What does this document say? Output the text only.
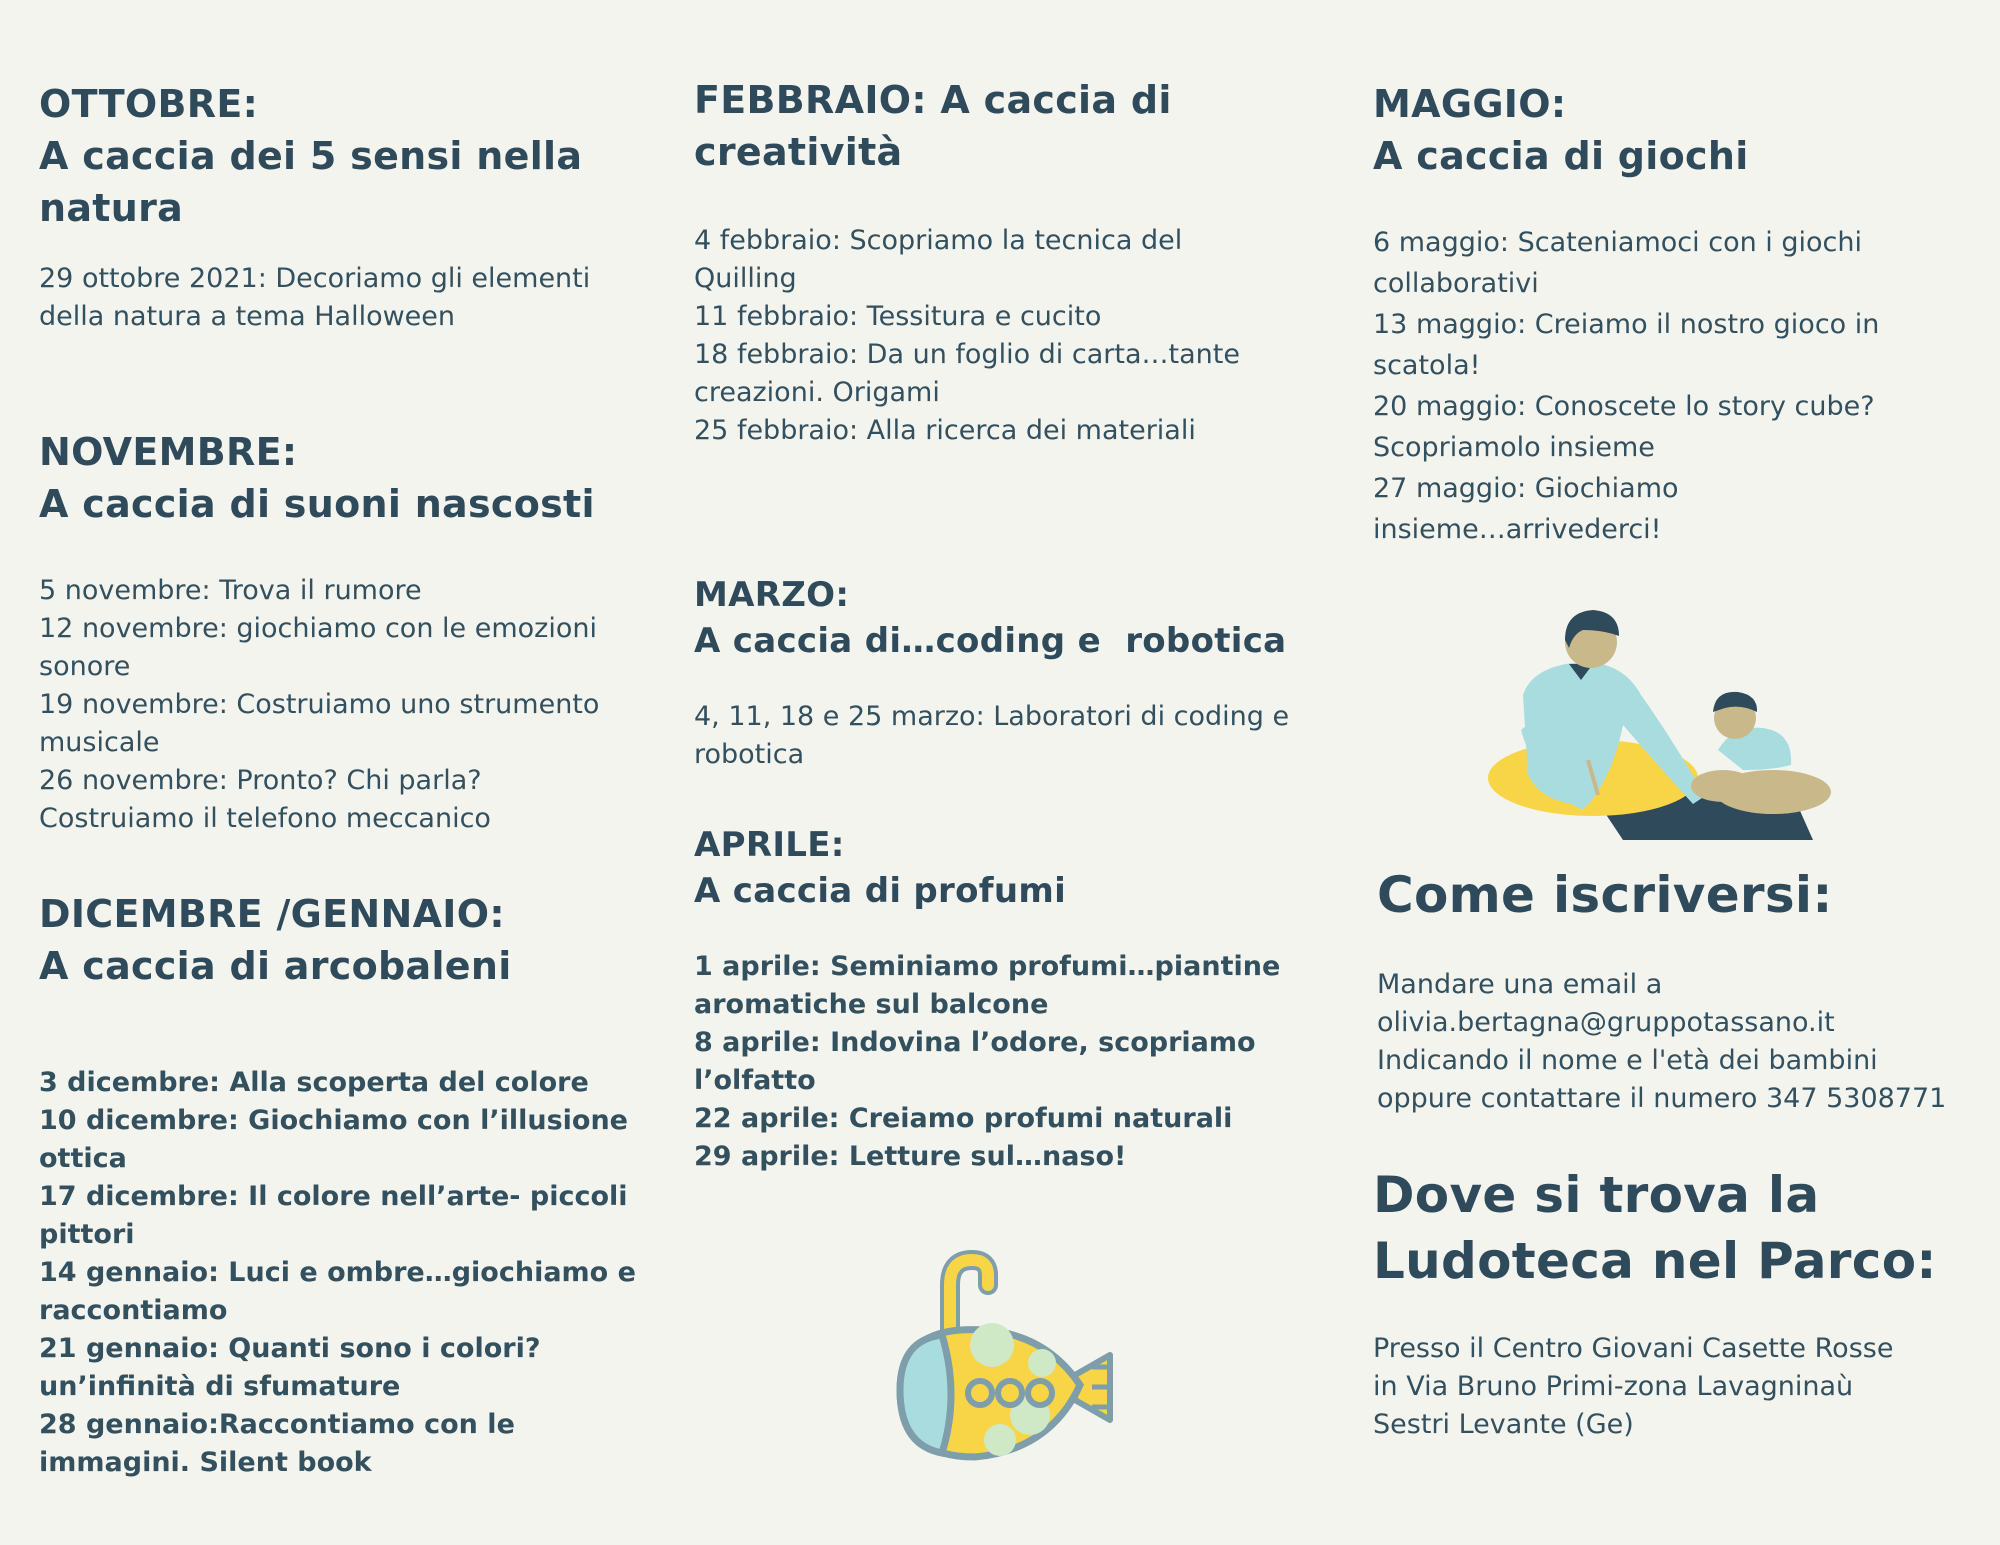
OTTOBRE:
A caccia dei 5 sensi nella
natura
29 ottobre 2021: Decoriamo gli elementi
della natura a tema Halloween
NOVEMBRE:
A caccia di suoni nascosti
5 novembre: Trova il rumore
12 novembre: giochiamo con le emozioni
sonore
19 novembre: Costruiamo uno strumento
musicale
26 novembre: Pronto? Chi parla?
Costruiamo il telefono meccanico
DICEMBRE /GENNAIO:
A caccia di arcobaleni
3 dicembre: Alla scoperta del colore
10 dicembre: Giochiamo con l’illusione
ottica
17 dicembre: Il colore nell’arte- piccoli
pittori
14 gennaio: Luci e ombre…giochiamo e
raccontiamo
21 gennaio: Quanti sono i colori?
un’infinità di sfumature
28 gennaio:Raccontiamo con le
immagini. Silent book
FEBBRAIO: A caccia di
creatività
4 febbraio: Scopriamo la tecnica del
Quilling
11 febbraio: Tessitura e cucito
18 febbraio: Da un foglio di carta…tante
creazioni. Origami
25 febbraio: Alla ricerca dei materiali
MARZO:
A caccia di…coding e  robotica
4, 11, 18 e 25 marzo: Laboratori di coding e
robotica
APRILE:
A caccia di profumi
1 aprile: Seminiamo profumi…piantine
aromatiche sul balcone
8 aprile: Indovina l’odore, scopriamo
l’olfatto
22 aprile: Creiamo profumi naturali
29 aprile: Letture sul…naso!
MAGGIO:
A caccia di giochi
6 maggio: Scateniamoci con i giochi
collaborativi
13 maggio: Creiamo il nostro gioco in
scatola!
20 maggio: Conoscete lo story cube?
Scopriamolo insieme
27 maggio: Giochiamo
insieme…arrivederci!
Come iscriversi:
Mandare una email a
olivia.bertagna@gruppotassano.it
Indicando il nome e l'età dei bambini
oppure contattare il numero 347 5308771
Dove si trova la
Ludoteca nel Parco:
Presso il Centro Giovani Casette Rosse
in Via Bruno Primi-zona Lavagninaù
Sestri Levante (Ge)
